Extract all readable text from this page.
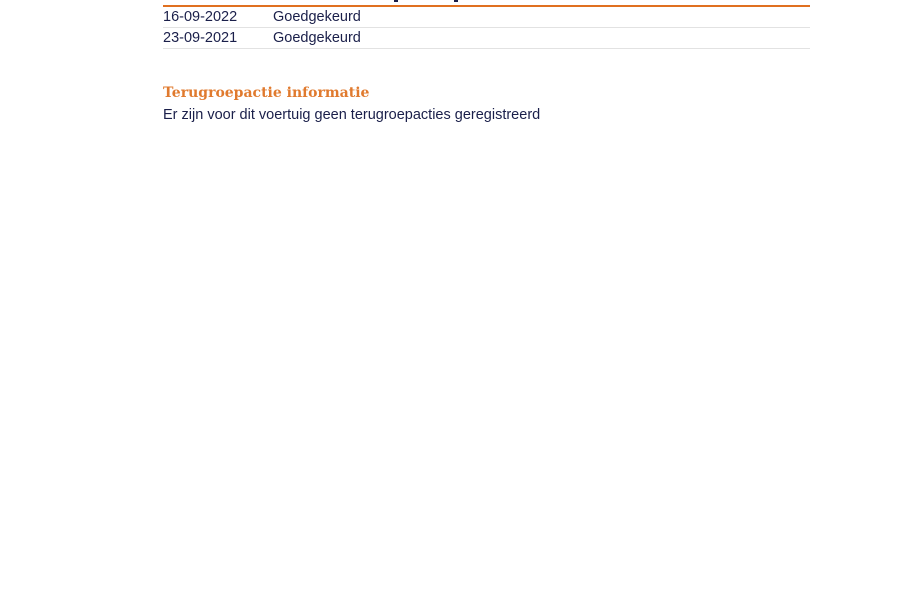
16-09-2022	Goedgekeurd
23-09-2021	Goedgekeurd
Terugroepactie informatie
Er zijn voor dit voertuig geen terugroepacties geregistreerd
